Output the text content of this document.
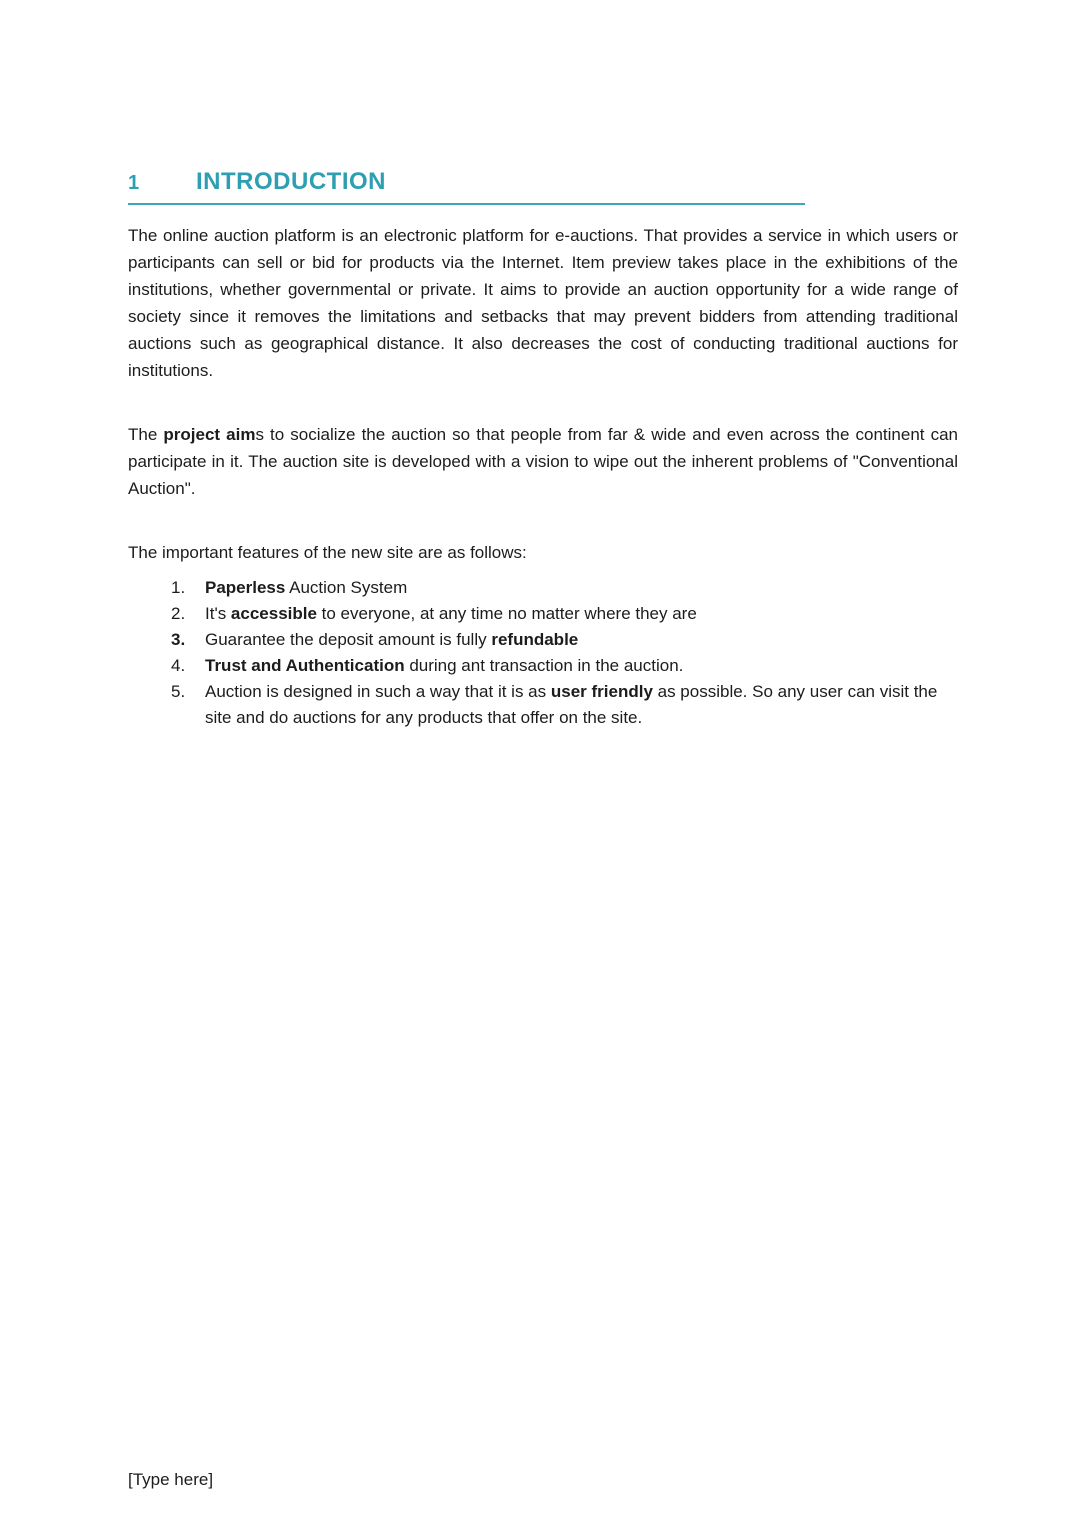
1 INTRODUCTION

The online auction platform is an electronic platform for e-auctions. That provides a service in which users or participants can sell or bid for products via the Internet. Item preview takes place in the exhibitions of the institutions, whether governmental or private. It aims to provide an auction opportunity for a wide range of society since it removes the limitations and setbacks that may prevent bidders from attending traditional auctions such as geographical distance. It also decreases the cost of conducting traditional auctions for institutions.

The project aims to socialize the auction so that people from far & wide and even across the continent can participate in it. The auction site is developed with a vision to wipe out the inherent problems of "Conventional Auction".

The important features of the new site are as follows:

1. Paperless Auction System
2. It's accessible to everyone, at any time no matter where they are
3. Guarantee the deposit amount is fully refundable
4. Trust and Authentication during ant transaction in the auction.
5. Auction is designed in such a way that it is as user friendly as possible. So any user can visit the site and do auctions for any products that offer on the site.
[Type here]
